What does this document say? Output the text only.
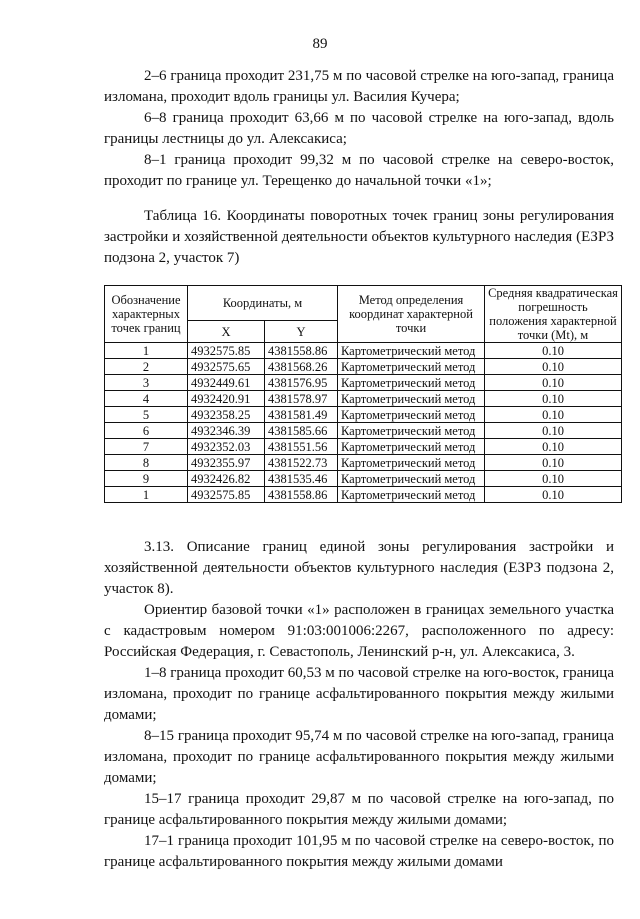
89

2–6 граница проходит 231,75 м по часовой стрелке на юго-запад, граница изломана, проходит вдоль границы ул. Василия Кучера;

6–8 граница проходит 63,66 м по часовой стрелке на юго-запад, вдоль границы лестницы до ул. Алексакиса;

8–1 граница проходит 99,32 м по часовой стрелке на северо-восток, проходит по границе ул. Терещенко до начальной точки «1»;

Таблица 16. Координаты поворотных точек границ зоны регулирования застройки и хозяйственной деятельности объектов культурного наследия (ЕЗРЗ подзона 2, участок 7)

Обозначение характерных точек границ	Координаты, м		Метод определения координат характерной точки	Средняя квадратическая погрешность положения характерной точки (Mt), м
	X	Y		
1	4932575.85	4381558.86	Картометрический метод	0.10
2	4932575.65	4381568.26	Картометрический метод	0.10
3	4932449.61	4381576.95	Картометрический метод	0.10
4	4932420.91	4381578.97	Картометрический метод	0.10
5	4932358.25	4381581.49	Картометрический метод	0.10
6	4932346.39	4381585.66	Картометрический метод	0.10
7	4932352.03	4381551.56	Картометрический метод	0.10
8	4932355.97	4381522.73	Картометрический метод	0.10
9	4932426.82	4381535.46	Картометрический метод	0.10
1	4932575.85	4381558.86	Картометрический метод	0.10

3.13. Описание границ единой зоны регулирования застройки и хозяйственной деятельности объектов культурного наследия (ЕЗРЗ подзона 2, участок 8).

Ориентир базовой точки «1» расположен в границах земельного участка с кадастровым номером 91:03:001006:2267, расположенного по адресу: Российская Федерация, г. Севастополь, Ленинский р-н, ул. Алексакиса, 3.

1–8 граница проходит 60,53 м по часовой стрелке на юго-восток, граница изломана, проходит по границе асфальтированного покрытия между жилыми домами;

8–15 граница проходит 95,74 м по часовой стрелке на юго-запад, граница изломана, проходит по границе асфальтированного покрытия между жилыми домами;

15–17 граница проходит 29,87 м по часовой стрелке на юго-запад, по границе асфальтированного покрытия между жилыми домами;

17–1 граница проходит 101,95 м по часовой стрелке на северо-восток, по границе асфальтированного покрытия между жилыми домами
